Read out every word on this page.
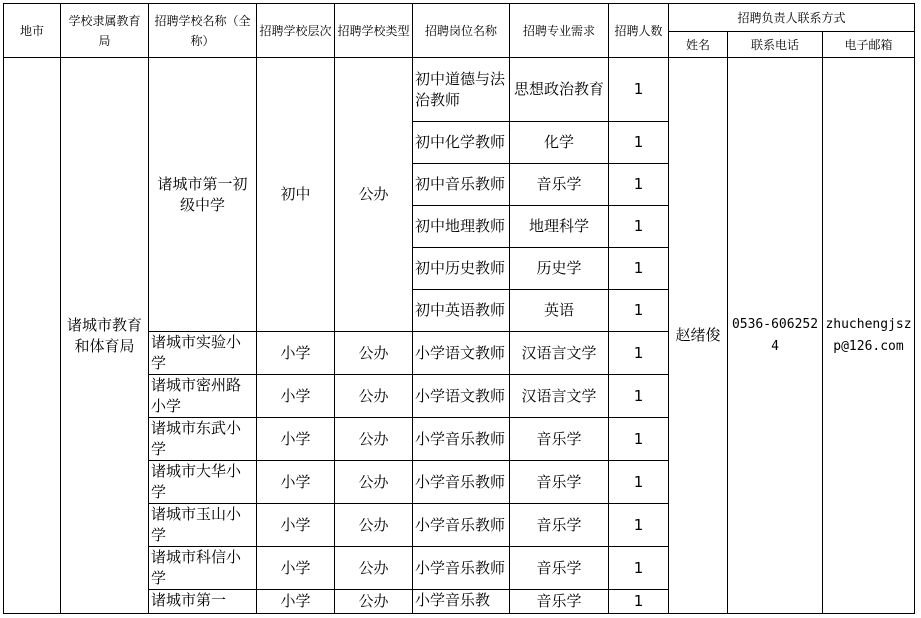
地市	学校隶属教育局	招聘学校名称（全称）	招聘学校层次	招聘学校类型	招聘岗位名称	招聘专业需求	招聘人数	招聘负责人联系方式		
								姓名	联系电话	电子邮箱
	诸城市教育和体育局	诸城市第一初级中学	初中	公办	初中道德与法治教师	思想政治教育	1	赵绪俊	0536-6062524	zhuchengjszp@126.com
					初中化学教师	化学	1			
					初中音乐教师	音乐学	1			
					初中地理教师	地理科学	1			
					初中历史教师	历史学	1			
					初中英语教师	英语	1			
		诸城市实验小学	小学	公办	小学语文教师	汉语言文学	1			
		诸城市密州路小学	小学	公办	小学语文教师	汉语言文学	1			
		诸城市东武小学	小学	公办	小学音乐教师	音乐学	1			
		诸城市大华小学	小学	公办	小学音乐教师	音乐学	1			
		诸城市玉山小学	小学	公办	小学音乐教师	音乐学	1			
		诸城市科信小学	小学	公办	小学音乐教师	音乐学	1			
		诸城市第一	小学	公办	小学音乐教	音乐学	1			
